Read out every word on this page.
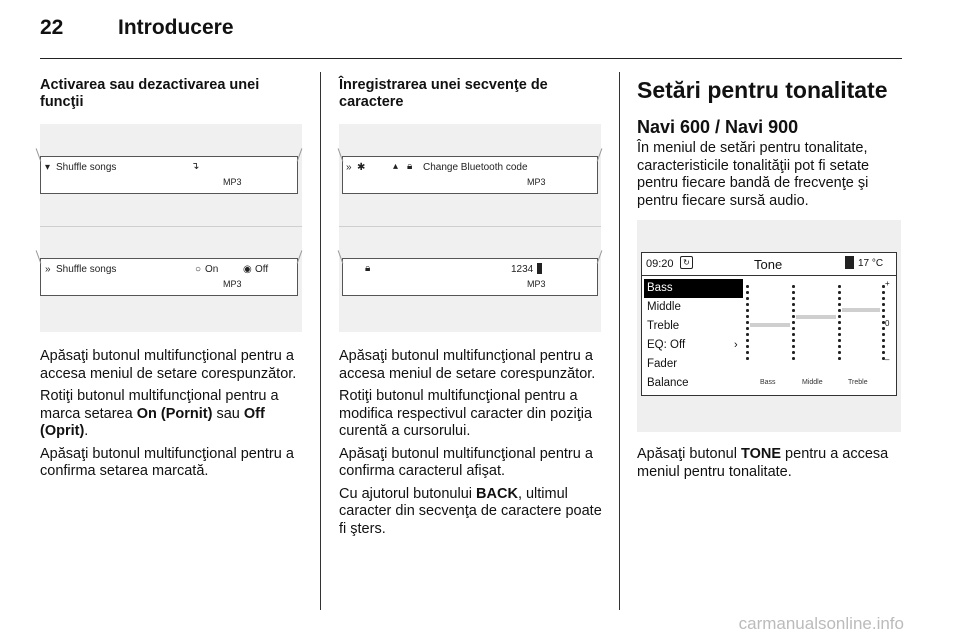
22	Introducere
Activarea sau dezactivarea unei funcţii
▾ Shuffle songs	↴
MP3
» Shuffle songs	○ On ◉ Off
MP3

Apăsaţi butonul multifuncţional pentru a accesa meniul de setare corespunzător.

Rotiţi butonul multifuncţional pentru a marca setarea On (Pornit) sau Off (Oprit).

Apăsaţi butonul multifuncţional pentru a confirma setarea marcată.

Înregistrarea unei secvenţe de caractere
» ✱	▴ 🔒︎ Change Bluetooth code
MP3
🔒︎	1234
MP3

Apăsaţi butonul multifuncţional pentru a accesa meniul de setare corespunzător.

Rotiţi butonul multifuncţional pentru a modifica respectivul caracter din poziţia curentă a cursorului.

Apăsaţi butonul multifuncţional pentru a confirma caracterul afişat.

Cu ajutorul butonului BACK, ultimul caracter din secvenţa de caractere poate fi şters.

Setări pentru tonalitate
Navi 600 / Navi 900

În meniul de setări pentru tonalitate, caracteristicile tonalităţii pot fi setate pentru fiecare bandă de frecvenţe şi pentru fiecare sursă audio.

09:20	↻	Tone	17 °C
Bass
Middle
Treble
EQ: Off	›
Fader
Balance
+
0
–
Bass	Middle	Treble

Apăsaţi butonul TONE pentru a accesa meniul pentru tonalitate.

carmanualsonline.info
